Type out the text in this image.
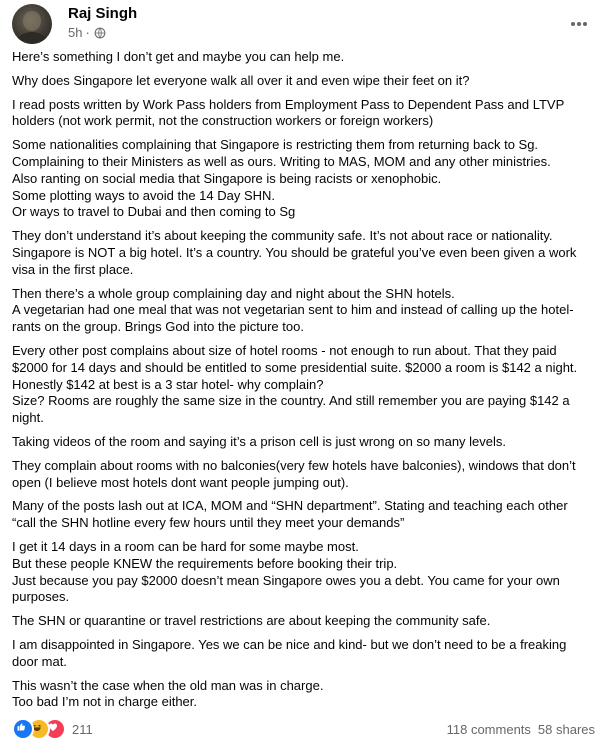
Raj Singh
5h ·

Here’s something I don’t get and maybe you can help me.

Why does Singapore let everyone walk all over it and even wipe their feet on it?

I read posts written by Work Pass holders from Employment Pass to Dependent Pass and LTVP holders (not work permit, not the construction workers or foreign workers)

Some nationalities complaining that Singapore is restricting them from returning back to Sg.
Complaining to their Ministers as well as ours. Writing to MAS, MOM and any other ministries.
Also ranting on social media that Singapore is being racists or xenophobic.
Some plotting ways to avoid the 14 Day SHN.
Or ways to travel to Dubai and then coming to Sg

They don’t understand it’s about keeping the community safe. It’s not about race or nationality. Singapore is NOT a big hotel. It’s a country. You should be grateful you’ve even been given a work visa in the first place.

Then there’s a whole group complaining day and night about the SHN hotels.
A vegetarian had one meal that was not vegetarian sent to him and instead of calling up the hotel- rants on the group. Brings God into the picture too.

Every other post complains about size of hotel rooms - not enough to run about. That they paid $2000 for 14 days and should be entitled to some presidential suite. $2000 a room is $142 a night. Honestly $142 at best is a 3 star hotel- why complain?
Size? Rooms are roughly the same size in the country. And still remember you are paying $142 a night.

Taking videos of the room and saying it’s a prison cell is just wrong on so many levels.

They complain about rooms with no balconies(very few hotels have balconies), windows that don’t open (I believe most hotels dont want people jumping out).

Many of the posts lash out at ICA, MOM and “SHN department”. Stating and teaching each other “call the SHN hotline every few hours until they meet your demands”

I get it 14 days in a room can be hard for some maybe most.
But these people KNEW the requirements before booking their trip.
Just because you pay $2000 doesn’t mean Singapore owes you a debt. You came for your own purposes.

The SHN or quarantine or travel restrictions are about keeping the community safe.

I am disappointed in Singapore. Yes we can be nice and kind- but we don’t need to be a freaking door mat.

This wasn’t the case when the old man was in charge.
Too bad I’m not in charge either.

211	118 comments 58 shares
